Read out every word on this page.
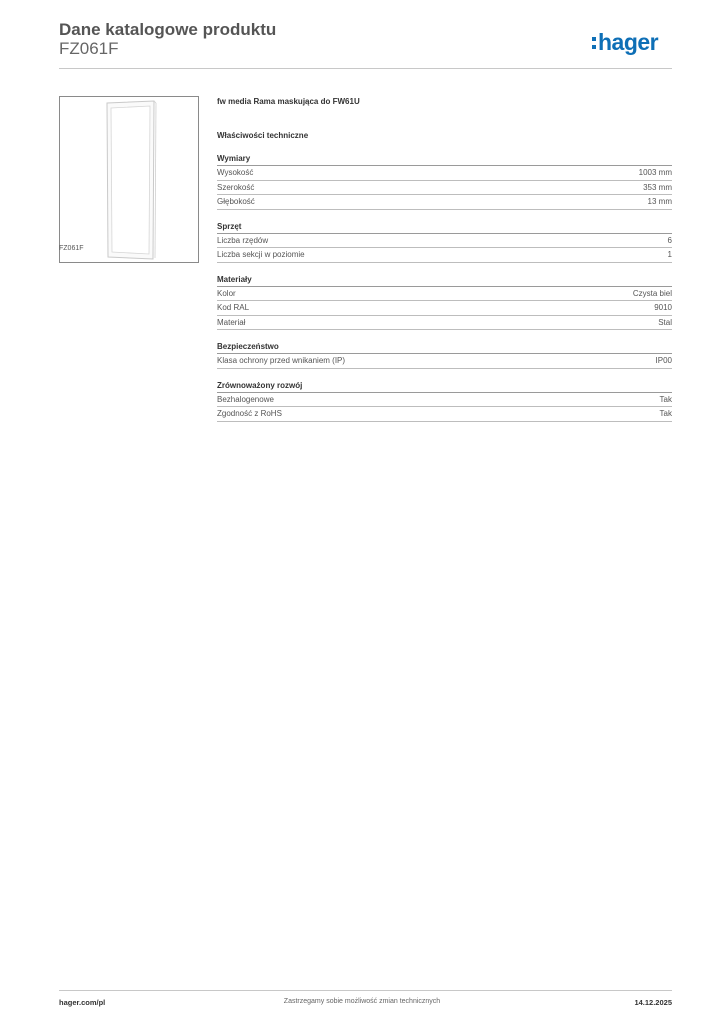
Dane katalogowe produktu
FZ061F	hager
FZ061F
fw media Rama maskująca do FW61U
Właściwości techniczne
Wymiary
Wysokość	1003 mm
Szerokość	353 mm
Głębokość	13 mm
Sprzęt
Liczba rzędów	6
Liczba sekcji w poziomie	1
Materiały
Kolor	Czysta biel
Kod RAL	9010
Materiał	Stal
Bezpieczeństwo
Klasa ochrony przed wnikaniem (IP)	IP00
Zrównoważony rozwój
Bezhalogenowe	Tak
Zgodność z RoHS	Tak
hager.com/pl	Zastrzegamy sobie możliwość zmian technicznych	14.12.2025
